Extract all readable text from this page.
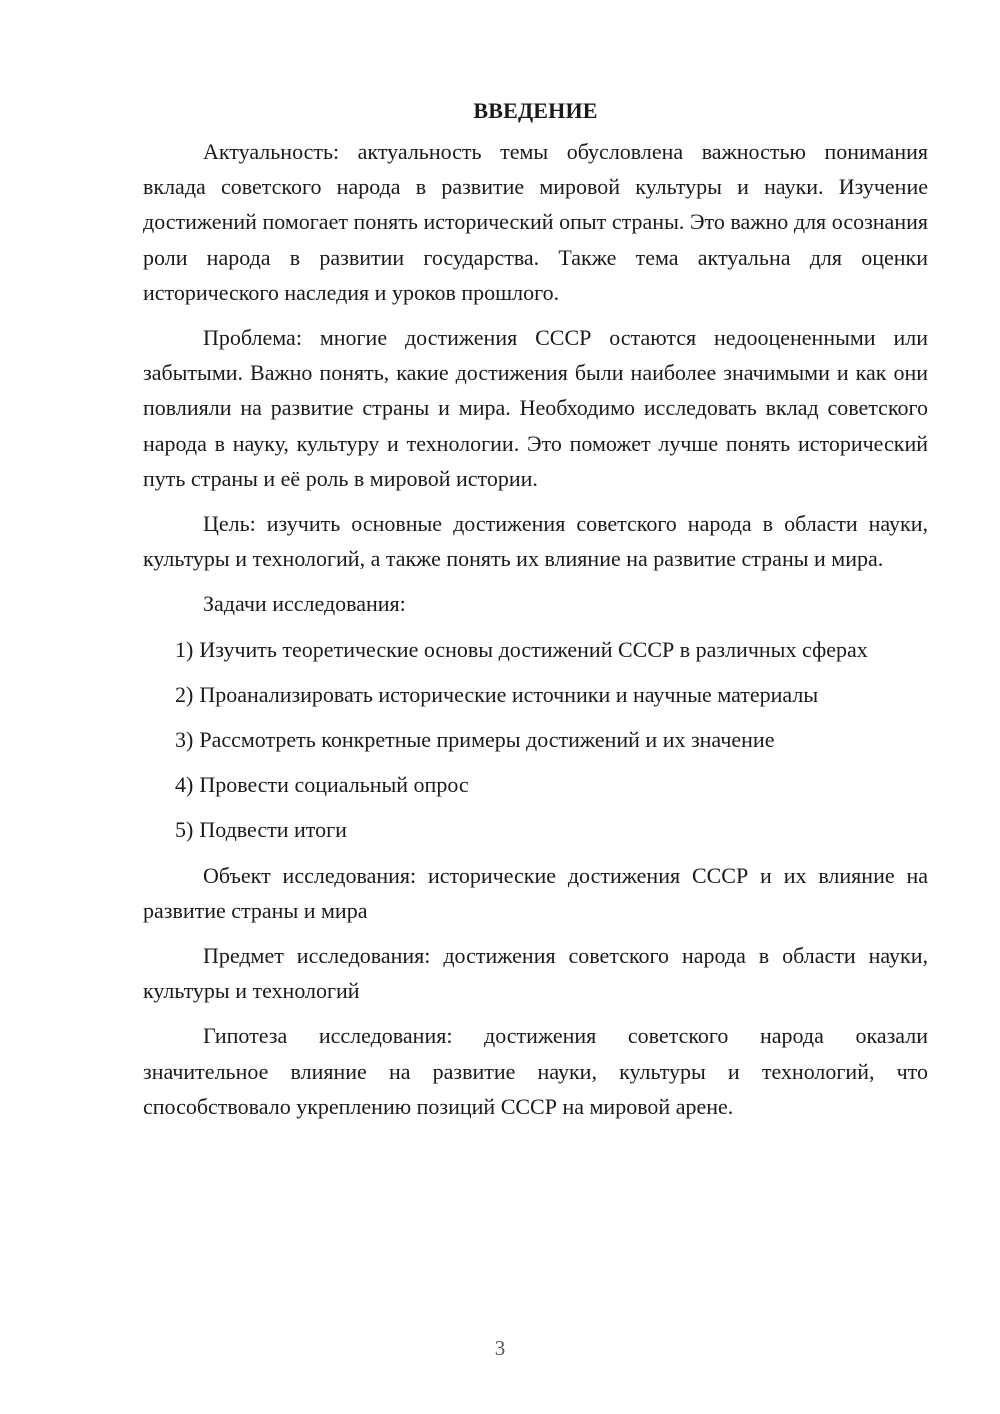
ВВЕДЕНИЕ

Актуальность: актуальность темы обусловлена важностью понимания вклада советского народа в развитие мировой культуры и науки. Изучение достижений помогает понять исторический опыт страны. Это важно для осознания роли народа в развитии государства. Также тема актуальна для оценки исторического наследия и уроков прошлого.

Проблема: многие достижения СССР остаются недооцененными или забытыми. Важно понять, какие достижения были наиболее значимыми и как они повлияли на развитие страны и мира. Необходимо исследовать вклад советского народа в науку, культуру и технологии. Это поможет лучше понять исторический путь страны и её роль в мировой истории.

Цель: изучить основные достижения советского народа в области науки, культуры и технологий, а также понять их влияние на развитие страны и мира.

Задачи исследования:

1) Изучить теоретические основы достижений СССР в различных сферах
2) Проанализировать исторические источники и научные материалы
3) Рассмотреть конкретные примеры достижений и их значение
4) Провести социальный опрос
5) Подвести итоги

Объект исследования: исторические достижения СССР и их влияние на развитие страны и мира

Предмет исследования: достижения советского народа в области науки, культуры и технологий

Гипотеза исследования: достижения советского народа оказали значительное влияние на развитие науки, культуры и технологий, что способствовало укреплению позиций СССР на мировой арене.

3
